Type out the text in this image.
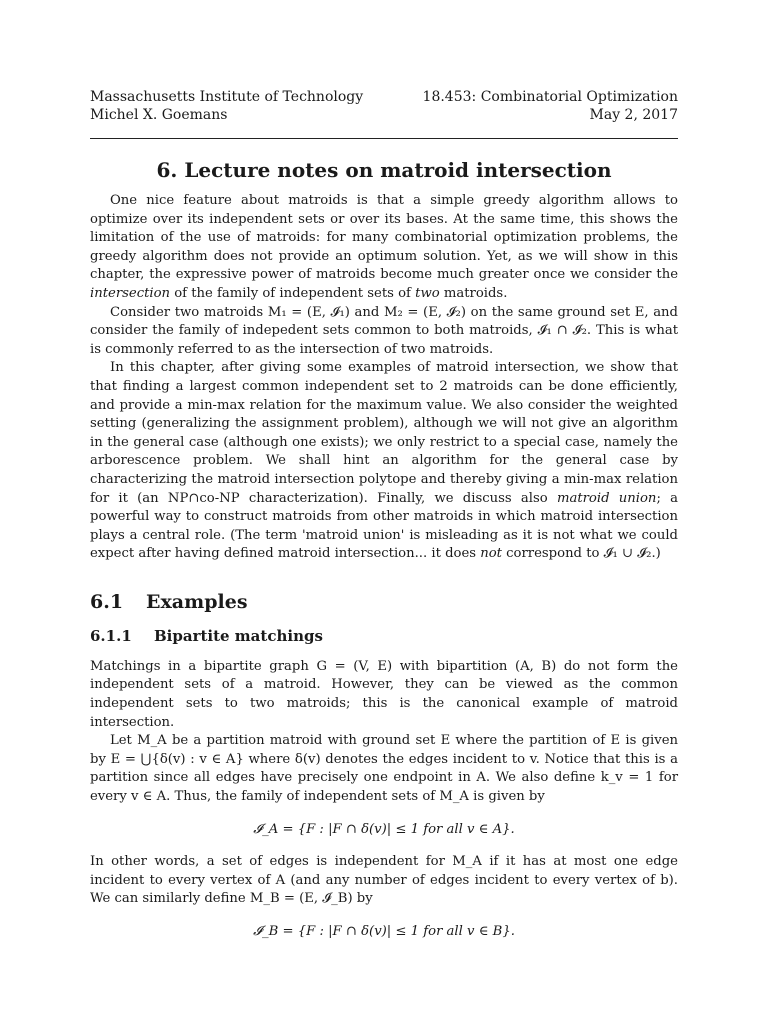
Massachusetts Institute of Technology	18.453: Combinatorial Optimization
Michel X. Goemans	May 2, 2017
6. Lecture notes on matroid intersection

One nice feature about matroids is that a simple greedy algorithm allows to optimize over its independent sets or over its bases. At the same time, this shows the limitation of the use of matroids: for many combinatorial optimization problems, the greedy algorithm does not provide an optimum solution. Yet, as we will show in this chapter, the expressive power of matroids become much greater once we consider the intersection of the family of independent sets of two matroids.

Consider two matroids M₁ = (E, 𝓘₁) and M₂ = (E, 𝓘₂) on the same ground set E, and consider the family of indepedent sets common to both matroids, 𝓘₁ ∩ 𝓘₂. This is what is commonly referred to as the intersection of two matroids.

In this chapter, after giving some examples of matroid intersection, we show that that finding a largest common independent set to 2 matroids can be done efficiently, and provide a min-max relation for the maximum value. We also consider the weighted setting (generalizing the assignment problem), although we will not give an algorithm in the general case (although one exists); we only restrict to a special case, namely the arborescence problem. We shall hint an algorithm for the general case by characterizing the matroid intersection polytope and thereby giving a min-max relation for it (an NP∩co-NP characterization). Finally, we discuss also matroid union; a powerful way to construct matroids from other matroids in which matroid intersection plays a central role. (The term 'matroid union' is misleading as it is not what we could expect after having defined matroid intersection... it does not correspond to 𝓘₁ ∪ 𝓘₂.)

6.1 Examples
6.1.1 Bipartite matchings

Matchings in a bipartite graph G = (V, E) with bipartition (A, B) do not form the independent sets of a matroid. However, they can be viewed as the common independent sets to two matroids; this is the canonical example of matroid intersection.

Let M_A be a partition matroid with ground set E where the partition of E is given by E = ⋃{δ(v) : v ∈ A} where δ(v) denotes the edges incident to v. Notice that this is a partition since all edges have precisely one endpoint in A. We also define k_v = 1 for every v ∈ A. Thus, the family of independent sets of M_A is given by

𝓘_A = {F : |F ∩ δ(v)| ≤ 1 for all v ∈ A}.

In other words, a set of edges is independent for M_A if it has at most one edge incident to every vertex of A (and any number of edges incident to every vertex of b). We can similarly define M_B = (E, 𝓘_B) by

𝓘_B = {F : |F ∩ δ(v)| ≤ 1 for all v ∈ B}.
